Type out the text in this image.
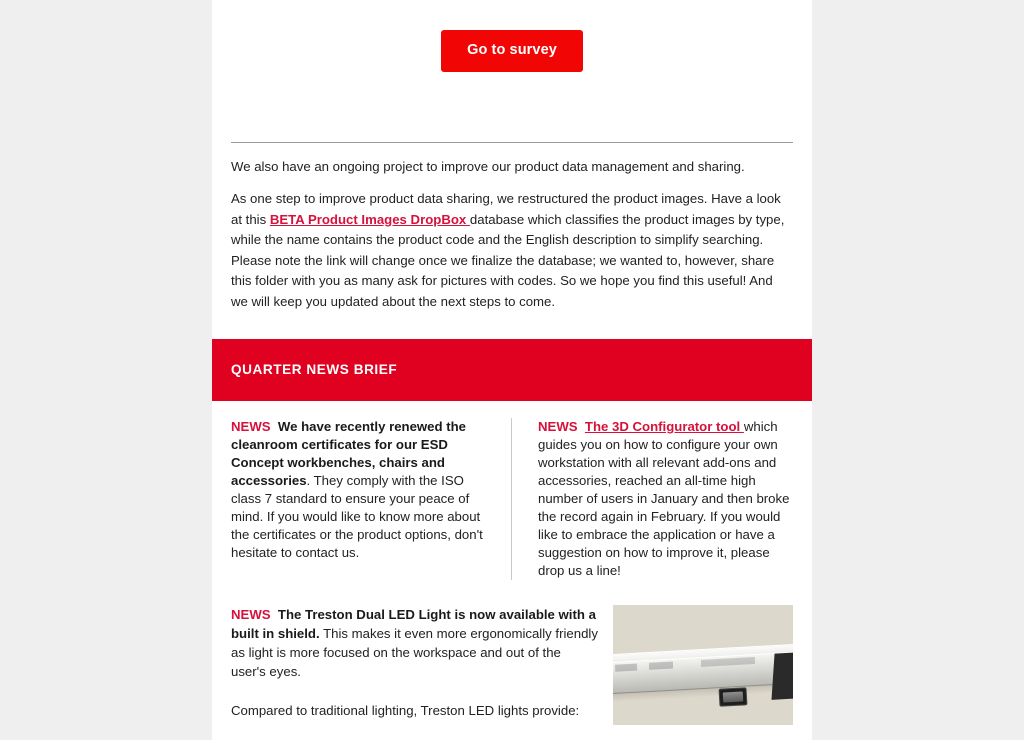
Go to survey

We also have an ongoing project to improve our product data management and sharing.

As one step to improve product data sharing, we restructured the product images. Have a look at this BETA Product Images DropBox database which classifies the product images by type, while the name contains the product code and the English description to simplify searching. Please note the link will change once we finalize the database; we wanted to, however, share this folder with you as many ask for pictures with codes. So we hope you find this useful! And we will keep you updated about the next steps to come.

QUARTER NEWS BRIEF

NEWS We have recently renewed the cleanroom certificates for our ESD Concept workbenches, chairs and accessories. They comply with the ISO class 7 standard to ensure your peace of mind. If you would like to know more about the certificates or the product options, don't hesitate to contact us.

NEWS The 3D Configurator tool which guides you on how to configure your own workstation with all relevant add-ons and accessories, reached an all-time high number of users in January and then broke the record again in February. If you would like to embrace the application or have a suggestion on how to improve it, please drop us a line!

NEWS The Treston Dual LED Light is now available with a built in shield. This makes it even more ergonomically friendly as light is more focused on the workspace and out of the user's eyes.

Compared to traditional lighting, Treston LED lights provide:
